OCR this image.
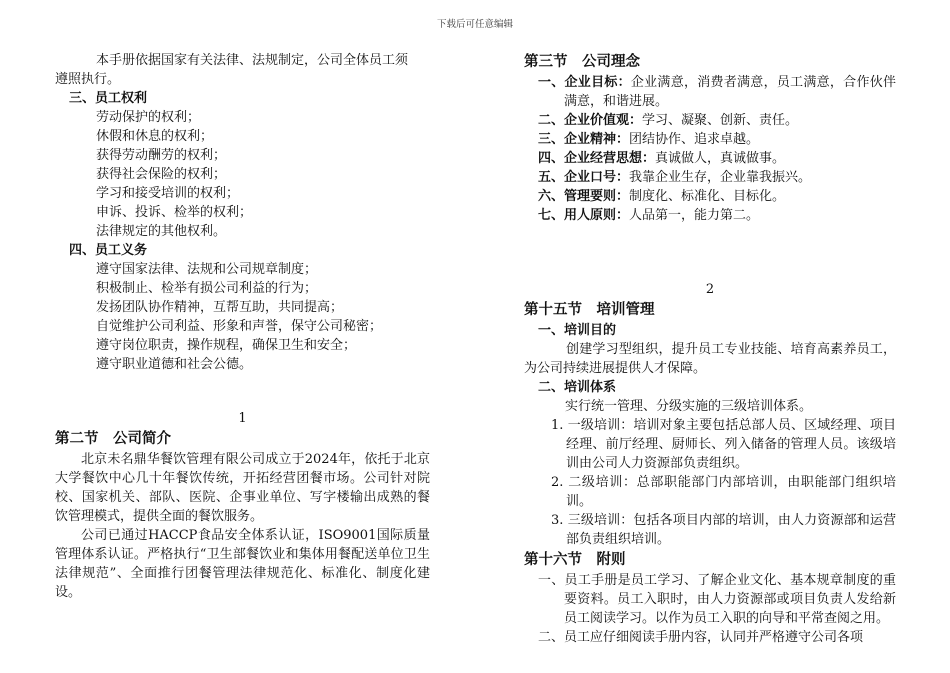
下载后可任意编辑
本手册依据国家有关法律、法规制定，公司全体员工须
遵照执行。
三、员工权利
劳动保护的权利；
休假和休息的权利；
获得劳动酬劳的权利；
获得社会保险的权利；
学习和接受培训的权利；
申诉、投诉、检举的权利；
法律规定的其他权利。
四、员工义务
遵守国家法律、法规和公司规章制度；
积极制止、检举有损公司利益的行为；
发扬团队协作精神，互帮互助，共同提高；
自觉维护公司利益、形象和声誉，保守公司秘密；
遵守岗位职责，操作规程，确保卫生和安全；
遵守职业道德和社会公德。
1
第二节　公司简介
北京未名鼎华餐饮管理有限公司成立于2024年，依托于北京大学餐饮中心几十年餐饮传统，开拓经营团餐市场。公司针对院校、国家机关、部队、医院、企事业单位、写字楼输出成熟的餐饮管理模式，提供全面的餐饮服务。
公司已通过HACCP食品安全体系认证，ISO9001国际质量管理体系认证。严格执行“卫生部餐饮业和集体用餐配送单位卫生法律规范”、全面推行团餐管理法律规范化、标准化、制度化建设。
第三节　公司理念
一、企业目标：企业满意，消费者满意，员工满意，合作伙伴满意，和谐进展。
二、企业价值观：学习、凝聚、创新、责任。
三、企业精神：团结协作、追求卓越。
四、企业经营思想：真诚做人，真诚做事。
五、企业口号：我靠企业生存，企业靠我振兴。
六、管理要则：制度化、标准化、目标化。
七、用人原则：人品第一，能力第二。
2
第十五节　培训管理
一、培训目的
创建学习型组织，提升员工专业技能、培育高素养员工，为公司持续进展提供人才保障。
二、培训体系
实行统一管理、分级实施的三级培训体系。
1. 一级培训：培训对象主要包括总部人员、区域经理、项目经理、前厅经理、厨师长、列入储备的管理人员。该级培训由公司人力资源部负责组织。
2. 二级培训：总部职能部门内部培训，由职能部门组织培训。
3. 三级培训：包括各项目内部的培训，由人力资源部和运营部负责组织培训。
第十六节　附则
一、员工手册是员工学习、了解企业文化、基本规章制度的重要资料。员工入职时，由人力资源部或项目负责人发给新员工阅读学习。以作为员工入职的向导和平常查阅之用。
二、员工应仔细阅读手册内容，认同并严格遵守公司各项
